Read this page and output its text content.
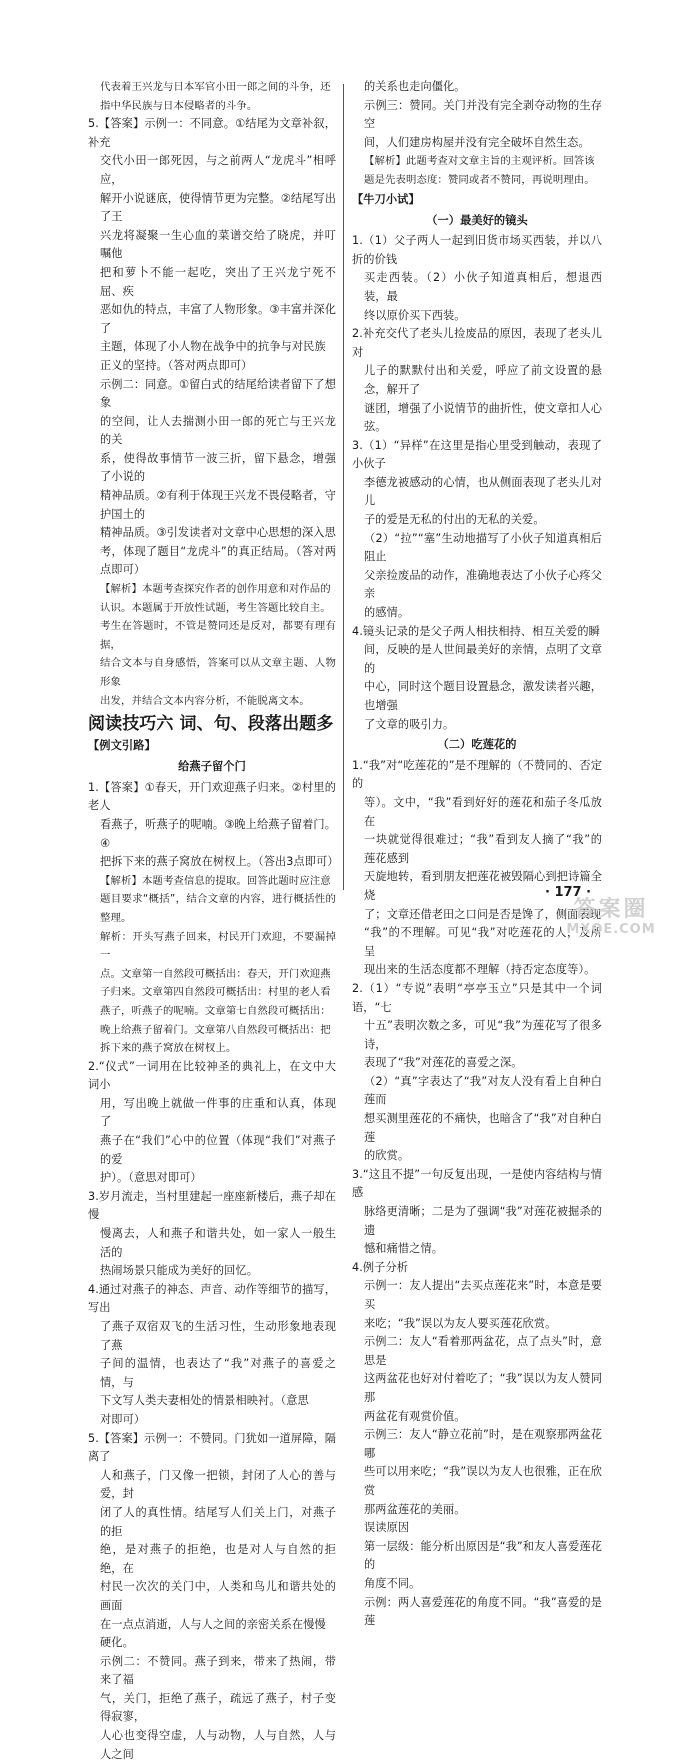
代表着王兴龙与日本军官小田一郎之间的斗争，还
指中华民族与日本侵略者的斗争。
5.【答案】示例一：不同意。①结尾为文章补叙，补充
交代小田一郎死因，与之前两人“龙虎斗”相呼应，
解开小说谜底，使得情节更为完整。②结尾写出了王
兴龙将凝聚一生心血的菜谱交给了晓虎，并叮嘱他
把和萝卜不能一起吃，突出了王兴龙宁死不屈、疾
恶如仇的特点，丰富了人物形象。③丰富并深化了
主题，体现了小人物在战争中的抗争与对民族
正义的坚持。（答对两点即可）
示例二：同意。①留白式的结尾给读者留下了想象
的空间，让人去揣测小田一郎的死亡与王兴龙的关
系，使得故事情节一波三折，留下悬念，增强了小说的
精神品质。②有利于体现王兴龙不畏侵略者，守护国土的
精神品质。③引发读者对文章中心思想的深入思
考，体现了题目“龙虎斗”的真正结局。（答对两点即可）
【解析】本题考查探究作者的创作用意和对作品的
认识。本题属于开放性试题，考生答题比较自主。
考生在答题时，不管是赞同还是反对，都要有理有据，
结合文本与自身感悟，答案可以从文章主题、人物形象
出发，并结合文本内容分析，不能脱离文本。
阅读技巧六 词、句、段落出题多
【例文引路】
给燕子留个门
1.【答案】①春天，开门欢迎燕子归来。②村里的老人
看燕子，听燕子的呢喃。③晚上给燕子留着门。④
把拆下来的燕子窝放在树杈上。（答出3点即可）
【解析】本题考查信息的提取。回答此题时应注意
题目要求“概括”，结合文章的内容，进行概括性的整理。
解析：开头写燕子回来，村民开门欢迎，不要漏掉一
点。文章第一自然段可概括出：春天，开门欢迎燕
子归来。文章第四自然段可概括出：村里的老人看
燕子，听燕子的呢喃。文章第七自然段可概括出：
晚上给燕子留着门。文章第八自然段可概括出：把
拆下来的燕子窝放在树杈上。
2.“仪式”一词用在比较神圣的典礼上，在文中大词小
用，写出晚上就做一件事的庄重和认真，体现了
燕子在“我们”心中的位置（体现“我们”对燕子的爱
护）。（意思对即可）
3.岁月流走，当村里建起一座座新楼后，燕子却在慢
慢离去，人和燕子和谐共处，如一家人一般生活的
热闹场景只能成为美好的回忆。
4.通过对燕子的神态、声音、动作等细节的描写，写出
了燕子双宿双飞的生活习性，生动形象地表现了燕
子间的温情，也表达了“我”对燕子的喜爱之情，与
下文写人类夫妻相处的情景相映衬。（意思
对即可）
5.【答案】示例一：不赞同。门犹如一道屏障，隔离了
人和燕子，门又像一把锁，封闭了人心的善与爱，封
闭了人的真性情。结尾写人们关上门，对燕子的拒
绝，是对燕子的拒绝，也是对人与自然的拒绝，在
村民一次次的关门中，人类和鸟儿和谐共处的画面
在一点点消逝，人与人之间的亲密关系在慢慢
硬化。
示例二：不赞同。燕子到来，带来了热闹，带来了福
气，关门，拒绝了燕子，疏远了燕子，村子变得寂寥，
人心也变得空虚，人与动物，人与自然，人与人之间
的关系也走向僵化。
示例三：赞同。关门并没有完全剥夺动物的生存空
间，人们建房构屋并没有完全破坏自然生态。
【解析】此题考查对文章主旨的主观评析。回答该
题是先表明态度：赞同或者不赞同，再说明理由。
【牛刀小试】
（一）最美好的镜头
1.（1）父子两人一起到旧货市场买西装，并以八折的价钱
买走西装。（2）小伙子知道真相后，想退西装，最
终以原价买下西装。
2.补充交代了老头儿捡废品的原因，表现了老头儿对
儿子的默默付出和关爱，呼应了前文设置的悬念，解开了
谜团，增强了小说情节的曲折性，使文章扣人心弦。
3.（1）“异样”在这里是指心里受到触动，表现了小伙子
李德龙被感动的心情，也从侧面表现了老头儿对儿
子的爱是无私的付出的无私的关爱。
（2）“拉”“塞”生动地描写了小伙子知道真相后阻止
父亲捡废品的动作，准确地表达了小伙子心疼父亲
的感情。
4.镜头记录的是父子两人相扶相持、相互关爱的瞬
间，反映的是人世间最美好的亲情，点明了文章的
中心，同时这个题目设置悬念，激发读者兴趣，也增强
了文章的吸引力。
（二）吃莲花的
1.“我”对“吃莲花的”是不理解的（不赞同的、否定的
等）。文中，“我”看到好好的莲花和茄子冬瓜放在
一块就觉得很难过；“我”看到友人摘了“我”的莲花感到
天旋地转，看到朋友把莲花被毁隔心到把诗篇全烧
了；文章还借老田之口问是否是馋了，侧面表现
“我”的不理解。可见“我”对吃莲花的人，及所呈
现出来的生活态度都不理解（持否定态度等）。
2.（1）“专说”表明“亭亭玉立”只是其中一个词语，“七
十五”表明次数之多，可见“我”为莲花写了很多诗，
表现了“我”对莲花的喜爱之深。
（2）“真”字表达了“我”对友人没有看上自种白莲而
想买测里莲花的不痛快，也暗含了“我”对自种白莲
的欣赏。
3.“这且不提”一句反复出现，一是使内容结构与情感
脉络更清晰；二是为了强调“我”对莲花被掘杀的遗
憾和痛惜之情。
4.例子分析
示例一：友人提出“去买点莲花来”时，本意是要买
来吃；“我”误以为友人要买莲花欣赏。
示例二：友人“看着那两盆花，点了点头”时，意思是
这两盆花也好对付着吃了；“我”误以为友人赞同那
两盆花有观赏价值。
示例三：友人“静立花前”时，是在观察那两盆花哪
些可以用来吃；“我”误以为友人也很雅，正在欣赏
那两盆莲花的美丽。
误读原因
第一层级：能分析出原因是“我”和友人喜爱莲花的
角度不同。
示例：两人喜爱莲花的角度不同。“我”喜爱的是莲
· 177 ·
答案圈
MXQE.COM
